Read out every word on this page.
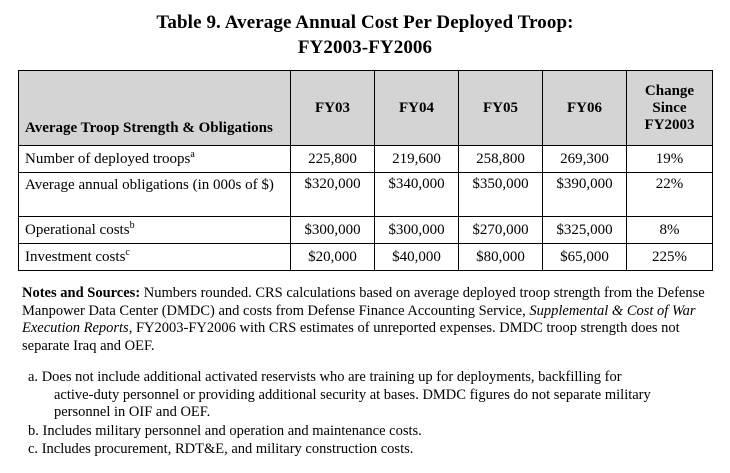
Table 9. Average Annual Cost Per Deployed Troop:
FY2003-FY2006
Average Troop Strength & Obligations	FY03	FY04	FY05	FY06	Change Since FY2003
Number of deployed troops$^a$	225,800	219,600	258,800	269,300	19%
Average annual obligations (in 000s of $)	$320,000	$340,000	$350,000	$390,000	22%
Operational costs$^b$	$300,000	$300,000	$270,000	$325,000	8%
Investment costs$^c$	$20,000	$40,000	$80,000	$65,000	225%
Notes and Sources: Numbers rounded. CRS calculations based on average deployed troop strength from the Defense Manpower Data Center (DMDC) and costs from Defense Finance Accounting Service, Supplemental & Cost of War Execution Reports, FY2003-FY2006 with CRS estimates of unreported expenses. DMDC troop strength does not separate Iraq and OEF.
a. Does not include additional activated reservists who are training up for deployments, backfilling for
active-duty personnel or providing additional security at bases. DMDC figures do not separate military personnel in OIF and OEF.
b. Includes military personnel and operation and maintenance costs.
c. Includes procurement, RDT&E, and military construction costs.
